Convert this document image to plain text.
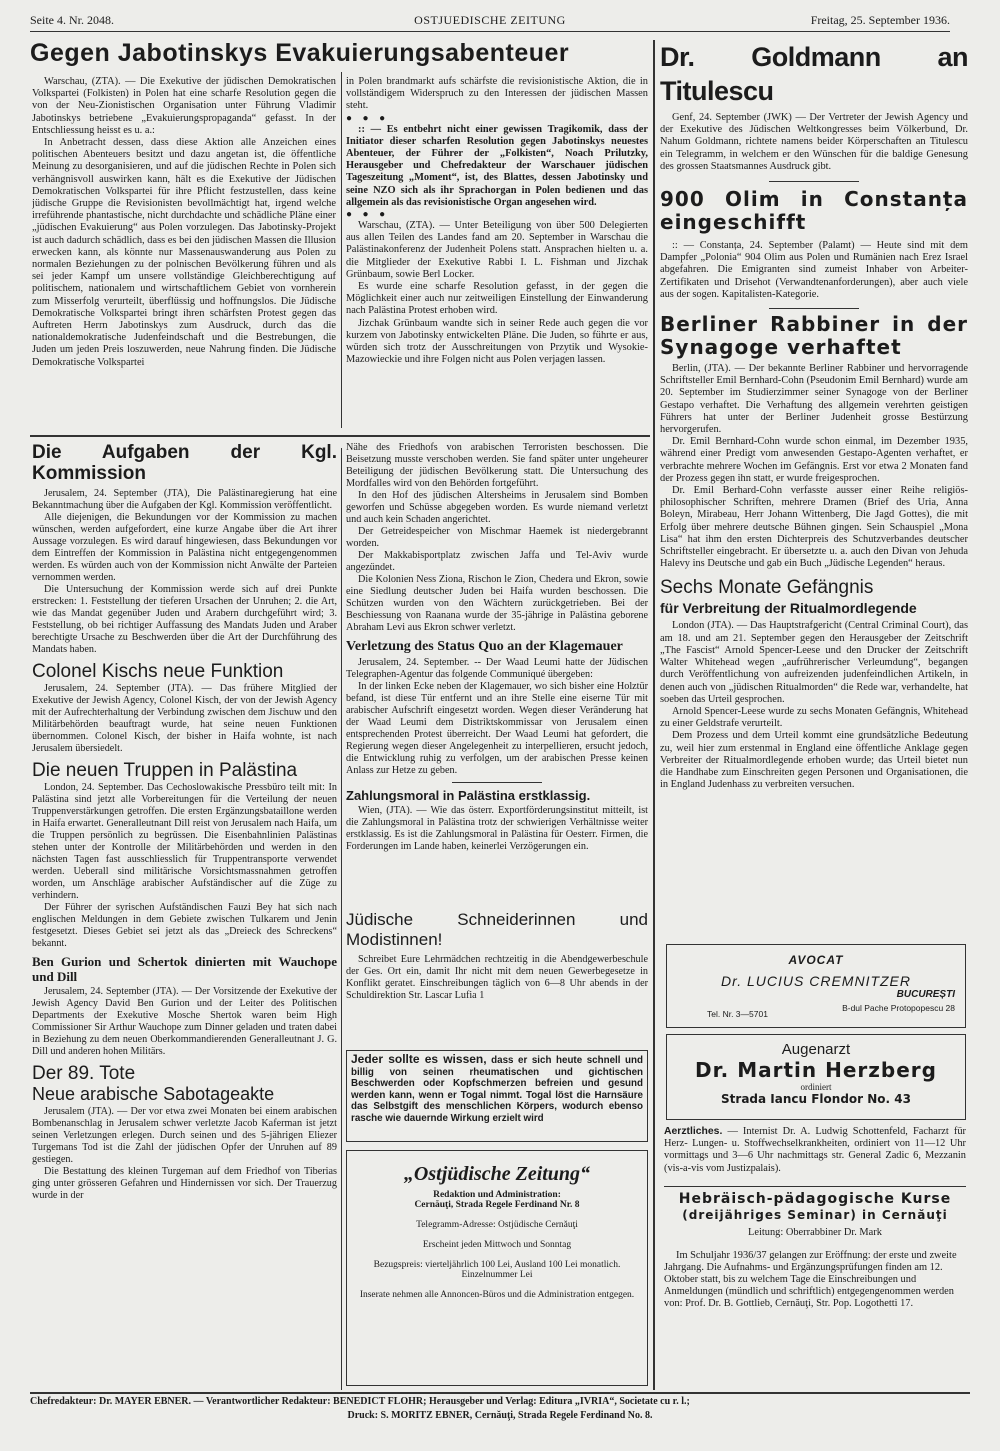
Seite 4. Nr. 2048.	OSTJUEDISCHE ZEITUNG	Freitag, 25. September 1936.

Gegen Jabotinskys Evakuierungsabenteuer

Warschau, (ZTA). — Die Exekutive der jüdischen Demokratischen Volkspartei (Folkisten) in Polen hat eine scharfe Resolution gegen die von der Neu-Zionistischen Organisation unter Führung Vladimir Jabotinskys betriebene „Evakuierungspropaganda“ gefasst. In der Entschliessung heisst es u. a.:

In Anbetracht dessen, dass diese Aktion alle Anzeichen eines politischen Abenteuers besitzt und dazu angetan ist, die öffentliche Meinung zu desorganisieren, und auf die jüdischen Rechte in Polen sich verhängnisvoll auswirken kann, hält es die Exekutive der Jüdischen Demokratischen Volkspartei für ihre Pflicht festzustellen, dass keine jüdische Gruppe die Revisionisten bevollmächtigt hat, irgend welche irreführende phantastische, nicht durchdachte und schädliche Pläne einer „jüdischen Evakuierung“ aus Polen vorzulegen. Das Jabotinsky-Projekt ist auch dadurch schädlich, dass es bei den jüdischen Massen die Illusion erwecken kann, als könnte nur Massenauswanderung aus Polen zu normalen Beziehungen zu der polnischen Bevölkerung führen und als sei jeder Kampf um unsere vollständige Gleichberechtigung auf politischem, nationalem und wirtschaftlichem Gebiet von vornherein zum Misserfolg verurteilt, überflüssig und hoffnungslos. Die Jüdische Demokratische Volkspartei bringt ihren schärfsten Protest gegen das Auftreten Herrn Jabotinskys zum Ausdruck, durch das die nationaldemokratische Judenfeindschaft und die Bestrebungen, die Juden um jeden Preis loszuwerden, neue Nahrung finden. Die Jüdische Demokratische Volkspartei

in Polen brandmarkt aufs schärfste die revisionistische Aktion, die in vollständigem Widerspruch zu den Interessen der jüdischen Massen steht.

● ● ●

:: — Es entbehrt nicht einer gewissen Tragikomik, dass der Initiator dieser scharfen Resolution gegen Jabotinskys neuestes Abenteuer, der Führer der „Folkisten“, Noach Prilutzky, Herausgeber und Chefredakteur der Warschauer jüdischen Tageszeitung „Moment“, ist, des Blattes, dessen Jabotinsky und seine NZO sich als ihr Sprachorgan in Polen bedienen und das allgemein als das revisionistische Organ angesehen wird.

● ● ●

Warschau, (ZTA). — Unter Beteiligung von über 500 Delegierten aus allen Teilen des Landes fand am 20. September in Warschau die Palästinakonferenz der Judenheit Polens statt. Ansprachen hielten u. a. die Mitglieder der Exekutive Rabbi I. L. Fishman und Jizchak Grünbaum, sowie Berl Locker.

Es wurde eine scharfe Resolution gefasst, in der gegen die Möglichkeit einer auch nur zeitweiligen Einstellung der Einwanderung nach Palästina Protest erhoben wird.

Jizchak Grünbaum wandte sich in seiner Rede auch gegen die vor kurzem von Jabotinsky entwickelten Pläne. Die Juden, so führte er aus, würden sich trotz der Ausschreitungen von Przytik und Wysokie-Mazowieckie und ihre Folgen nicht aus Polen verjagen lassen.

Die Aufgaben der Kgl. Kommission

Jerusalem, 24. September (JTA), Die Palästinaregierung hat eine Bekanntmachung über die Aufgaben der Kgl. Kommission veröffentlicht.

Alle diejenigen, die Bekundungen vor der Kommission zu machen wünschen, werden aufgefordert, eine kurze Angabe über die Art ihrer Aussage vorzulegen. Es wird darauf hingewiesen, dass Bekundungen vor dem Eintreffen der Kommission in Palästina nicht entgegengenommen werden. Es würden auch von der Kommission nicht Anwälte der Parteien vernommen werden.

Die Untersuchung der Kommission werde sich auf drei Punkte erstrecken: 1. Feststellung der tieferen Ursachen der Unruhen; 2. die Art, wie das Mandat gegenüber Juden und Arabern durchgeführt wird; 3. Feststellung, ob bei richtiger Auffassung des Mandats Juden und Araber berechtigte Ursache zu Beschwerden über die Art der Durchführung des Mandats haben.

Colonel Kischs neue Funktion

Jerusalem, 24. September (JTA). — Das frühere Mitglied der Exekutive der Jewish Agency, Colonel Kisch, der von der Jewish Agency mit der Aufrechterhaltung der Verbindung zwischen dem Jischuw und den Militärbehörden beauftragt wurde, hat seine neuen Funktionen übernommen. Colonel Kisch, der bisher in Haifa wohnte, ist nach Jerusalem übersiedelt.

Die neuen Truppen in Palästina

London, 24. September. Das Cechoslowakische Pressbüro teilt mit: In Palästina sind jetzt alle Vorbereitungen für die Verteilung der neuen Truppenverstärkungen getroffen. Die ersten Ergänzungsbataillone werden in Haifa erwartet. Generalleutnant Dill reist von Jerusalem nach Haifa, um die Truppen persönlich zu begrüssen. Die Eisenbahnlinien Palästinas stehen unter der Kontrolle der Militärbehörden und werden in den nächsten Tagen fast ausschliesslich für Truppentransporte verwendet werden. Ueberall sind militärische Vorsichtsmassnahmen getroffen worden, um Anschläge arabischer Aufständischer auf die Züge zu verhindern.

Der Führer der syrischen Aufständischen Fauzi Bey hat sich nach englischen Meldungen in dem Gebiete zwischen Tulkarem und Jenin festgesetzt. Dieses Gebiet sei jetzt als das „Dreieck des Schreckens“ bekannt.

Ben Gurion und Schertok dinierten mit Wauchope und Dill

Jerusalem, 24. September (JTA). — Der Vorsitzende der Exekutive der Jewish Agency David Ben Gurion und der Leiter des Politischen Departments der Exekutive Mosche Shertok waren beim High Commissioner Sir Arthur Wauchope zum Dinner geladen und traten dabei in Beziehung zu dem neuen Oberkommandierenden Generalleutnant J. G. Dill und anderen hohen Militärs.

Der 89. Tote

Neue arabische Sabotageakte

Jerusalem (JTA). — Der vor etwa zwei Monaten bei einem arabischen Bombenanschlag in Jerusalem schwer verletzte Jacob Kaferman ist jetzt seinen Verletzungen erlegen. Durch seinen und des 5-jährigen Eliezer Turgemans Tod ist die Zahl der jüdischen Opfer der Unruhen auf 89 gestiegen.

Die Bestattung des kleinen Turgeman auf dem Friedhof von Tiberias ging unter grösseren Gefahren und Hindernissen vor sich. Der Trauerzug wurde in der

Nähe des Friedhofs von arabischen Terroristen beschossen. Die Beisetzung musste verschoben werden. Sie fand später unter ungeheurer Beteiligung der jüdischen Bevölkerung statt. Die Untersuchung des Mordfalles wird von den Behörden fortgeführt.

In den Hof des jüdischen Altersheims in Jerusalem sind Bomben geworfen und Schüsse abgegeben worden. Es wurde niemand verletzt und auch kein Schaden angerichtet.

Der Getreidespeicher von Mischmar Haemek ist niedergebrannt worden.

Der Makkabisportplatz zwischen Jaffa und Tel-Aviv wurde angezündet.

Die Kolonien Ness Ziona, Rischon le Zion, Chedera und Ekron, sowie eine Siedlung deutscher Juden bei Haifa wurden beschossen. Die Schützen wurden von den Wächtern zurückgetrieben. Bei der Beschiessung von Raanana wurde der 35-jährige in Palästina geborene Abraham Levi aus Ekron schwer verletzt.

Verletzung des Status Quo an der Klagemauer

Jerusalem, 24. September. -- Der Waad Leumi hatte der Jüdischen Telegraphen-Agentur das folgende Communiqué übergeben:

In der linken Ecke neben der Klagemauer, wo sich bisher eine Holztür befand, ist diese Tür entfernt und an ihre Stelle eine eiserne Tür mit arabischer Aufschrift eingesetzt worden. Wegen dieser Veränderung hat der Waad Leumi dem Distriktskommissar von Jerusalem einen entsprechenden Protest überreicht. Der Waad Leumi hat gefordert, die Regierung wegen dieser Angelegenheit zu interpellieren, ersucht jedoch, die Entwicklung ruhig zu verfolgen, um der arabischen Presse keinen Anlass zur Hetze zu geben.

Zahlungsmoral in Palästina erstklassig.

Wien, (JTA). — Wie das österr. Exportförderungsinstitut mitteilt, ist die Zahlungsmoral in Palästina trotz der schwierigen Verhältnisse weiter erstklassig. Es ist die Zahlungsmoral in Palästina für Oesterr. Firmen, die Forderungen im Lande haben, keinerlei Verzögerungen ein.

Jüdische Schneiderinnen und Modistinnen!

Schreibet Eure Lehrmädchen rechtzeitig in die Abendgewerbeschule der Ges. Ort ein, damit Ihr nicht mit dem neuen Gewerbegesetze in Konflikt geratet. Einschreibungen täglich von 6—8 Uhr abends in der Schuldirektion Str. Lascar Lufia 1

Jeder sollte es wissen, dass er sich heute schnell und billig von seinen rheumatischen und gichtischen Beschwerden oder Kopfschmerzen befreien und gesund werden kann, wenn er Togal nimmt. Togal löst die Harnsäure das Selbstgift des menschlichen Körpers, wodurch ebenso rasche wie dauernde Wirkung erzielt wird

„Ostjüdische Zeitung“
Redaktion und Administration:
Cernăuţi, Strada Regele Ferdinand Nr. 8
Telegramm-Adresse: Ostjüdische Cernăuţi
Erscheint jeden Mittwoch und Sonntag
Bezugspreis: vierteljährlich 100 Lei, Ausland 100 Lei monatlich. Einzelnummer Lei
Inserate nehmen alle Annoncen-Büros und die Administration entgegen.

Dr. Goldmann an Titulescu

Genf, 24. September (JWK) — Der Vertreter der Jewish Agency und der Exekutive des Jüdischen Weltkongresses beim Völkerbund, Dr. Nahum Goldmann, richtete namens beider Körperschaften an Titulescu ein Telegramm, in welchem er den Wünschen für die baldige Genesung des grossen Staatsmannes Ausdruck gibt.

900 Olim in Constanța eingeschifft

:: — Constanța, 24. September (Palamt) — Heute sind mit dem Dampfer „Polonia“ 904 Olim aus Polen und Rumänien nach Erez Israel abgefahren. Die Emigranten sind zumeist Inhaber von Arbeiter-Zertifikaten und Drisehot (Verwandtenanforderungen), aber auch viele aus der sogen. Kapitalisten-Kategorie.

Berliner Rabbiner in der Synagoge verhaftet

Berlin, (JTA). — Der bekannte Berliner Rabbiner und hervorragende Schriftsteller Emil Bernhard-Cohn (Pseudonim Emil Bernhard) wurde am 20. September im Studierzimmer seiner Synagoge von der Berliner Gestapo verhaftet. Die Verhaftung des allgemein verehrten geistigen Führers hat unter der Berliner Judenheit grosse Bestürzung hervorgerufen.

Dr. Emil Bernhard-Cohn wurde schon einmal, im Dezember 1935, während einer Predigt vom anwesenden Gestapo-Agenten verhaftet, er verbrachte mehrere Wochen im Gefängnis. Erst vor etwa 2 Monaten fand der Prozess gegen ihn statt, er wurde freigesprochen.

Dr. Emil Berhard-Cohn verfasste ausser einer Reihe religiös-philosophischer Schriften, mehrere Dramen (Brief des Uria, Anna Boleyn, Mirabeau, Herr Johann Wittenberg, Die Jagd Gottes), die mit Erfolg über mehrere deutsche Bühnen gingen. Sein Schauspiel „Mona Lisa“ hat ihm den ersten Dichterpreis des Schutzverbandes deutscher Schriftsteller eingebracht. Er übersetzte u. a. auch den Divan von Jehuda Halevy ins Deutsche und gab ein Buch „Jüdische Legenden“ heraus.

Sechs Monate Gefängnis

für Verbreitung der Ritualmordlegende

London (JTA). — Das Hauptstrafgericht (Central Criminal Court), das am 18. und am 21. September gegen den Herausgeber der Zeitschrift „The Fascist“ Arnold Spencer-Leese und den Drucker der Zeitschrift Walter Whitehead wegen „aufrührerischer Verleumdung“, begangen durch Veröffentlichung von aufreizenden judenfeindlichen Artikeln, in denen auch von „jüdischen Ritualmorden“ die Rede war, verhandelte, hat soeben das Urteil gesprochen.

Arnold Spencer-Leese wurde zu sechs Monaten Gefängnis, Whitehead zu einer Geldstrafe verurteilt.

Dem Prozess und dem Urteil kommt eine grundsätzliche Bedeutung zu, weil hier zum erstenmal in England eine öffentliche Anklage gegen Verbreiter der Ritualmordlegende erhoben wurde; das Urteil bietet nun die Handhabe zum Einschreiten gegen Personen und Organisationen, die in England Judenhass zu verbreiten versuchen.

AVOCAT
Dr. LUCIUS CREMNITZER
BUCUREȘTI
B-dul Pache Protopopescu 28
Tel. Nr. 3—5701
Augenarzt
Dr. Martin Herzberg
ordiniert
Strada Iancu Flondor No. 43

Aerztliches. — Internist Dr. A. Ludwig Schottenfeld, Facharzt für Herz- Lungen- u. Stoffwechselkrankheiten, ordiniert von 11—12 Uhr vormittags und 3—6 Uhr nachmittags str. General Zadic 6, Mezzanin (vis-a-vis vom Justizpalais).

Hebräisch-pädagogische Kurse

(dreijähriges Seminar) in Cernăuţi

Leitung: Oberrabbiner Dr. Mark

Im Schuljahr 1936/37 gelangen zur Eröffnung: der erste und zweite Jahrgang. Die Aufnahms- und Ergänzungsprüfungen finden am 12. Oktober statt, bis zu welchem Tage die Einschreibungen und Anmeldungen (mündlich und schriftlich) entgegengenommen werden von: Prof. Dr. B. Gottlieb, Cernăuţi, Str. Pop. Logothetti 17.

Chefredakteur: Dr. MAYER EBNER. — Verantwortlicher Redakteur: BENEDICT FLOHR; Herausgeber und Verlag: Editura „IVRIA“, Societate cu r. l.;
Druck: S. MORITZ EBNER, Cernăuţi, Strada Regele Ferdinand No. 8.
